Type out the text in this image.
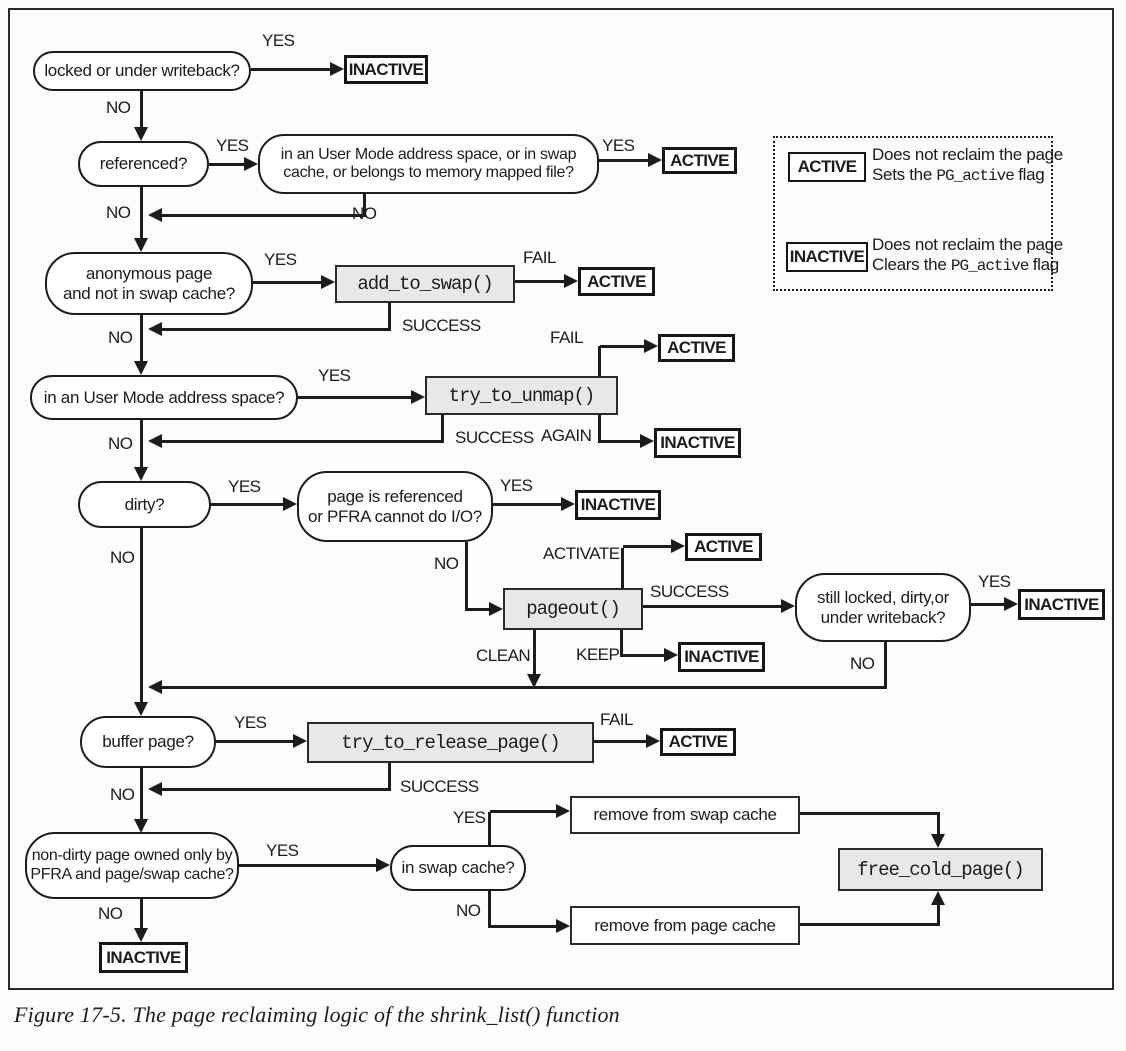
locked or under writeback?
YES
INACTIVE
NO
referenced?
YES in an User Mode address space, or in swap
cache, or belongs to memory mapped file?
YES
ACTIVE
NO
NO
anonymous page
and not in swap cache?
YES
add_to_swap()
FAIL
ACTIVE
SUCCESS
NO
in an User Mode address space?
YES
try_to_unmap()
FAIL
ACTIVE
AGAIN	INACTIVE
SUCCESS
NO
dirty?
YES
page is referenced
or PFRA cannot do I/O?
YES
INACTIVE
NO
pageout()
ACTIVATE	ACTIVE
SUCCESS	still locked, dirty,or
under writeback?
YES
INACTIVE
KEEP	INACTIVE
CLEAN	NO
NO
buffer page?
YES
try_to_release_page()
FAIL
ACTIVE
SUCCESS
NO
non-dirty page owned only by
PFRA and page/swap cache?
YES
in swap cache?
YES	remove from swap cache
NO
remove from page cache
free_cold_page()
NO
INACTIVE
ACTIVE
Does not reclaim the page
Sets the PG_active flag
INACTIVE
Does not reclaim the page
Clears the PG_active flag
Figure 17-5. The page reclaiming logic of the shrink_list() function
